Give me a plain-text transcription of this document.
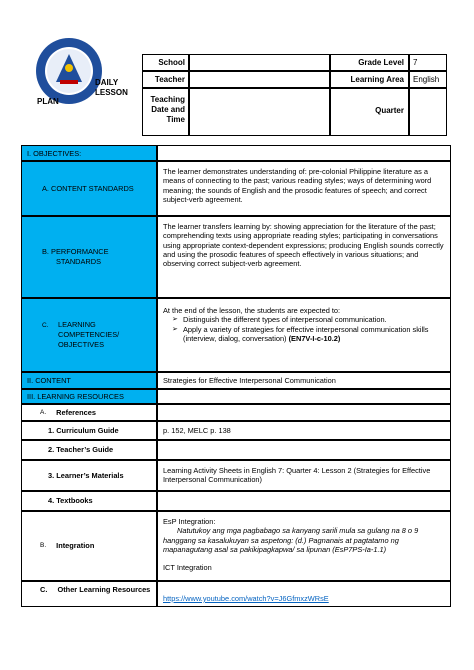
DAILY
LESSON
PLAN
School
Teacher
Teaching
Date and
Time
Grade Level 7
Learning Area English
Quarter
I. OBJECTIVES:
A. CONTENT STANDARDS
The learner demonstrates understanding of: pre-colonial Philippine literature as a means of connecting to the past; various reading styles; ways of determining word meaning; the sounds of English and the prosodic features of speech; and correct subject-verb agreement.
B. PERFORMANCE
STANDARDS
The learner transfers learning by: showing appreciation for the literature of the past; comprehending texts using appropriate reading styles; participating in conversations using appropriate context-dependent expressions; producing English sounds correctly and using the prosodic features of speech effectively in various situations; and observing correct subject-verb agreement.
C. LEARNING
COMPETENCIES/
OBJECTIVES
At the end of the lesson, the students are expected to:
➢ Distinguish the different types of interpersonal communication.
➢ Apply a variety of strategies for effective interpersonal communication skills (interview, dialog, conversation) (EN7V-I-c-10.2)
II. CONTENT	Strategies for Effective Interpersonal Communication
III. LEARNING RESOURCES
A. References
1. Curriculum Guide	p. 152, MELC p. 138
2. Teacher’s Guide
3. Learner’s Materials
Learning Activity Sheets in English 7: Quarter 4: Lesson 2 (Strategies for Effective Interpersonal Communication)
4. Textbooks
B. Integration
EsP Integration:
Natutukoy ang mga pagbabago sa kanyang sarili mula sa gulang na 8 o 9 hanggang sa kasalukuyan sa aspetong: (d.) Pagnanais at pagtatamo ng mapanagutang asal sa pakikipagkapwa/ sa lipunan (EsP7PS-Ia-1.1)
ICT Integration
C. Other Learning Resources
https://www.youtube.com/watch?v=J6GfmxzWRsE
